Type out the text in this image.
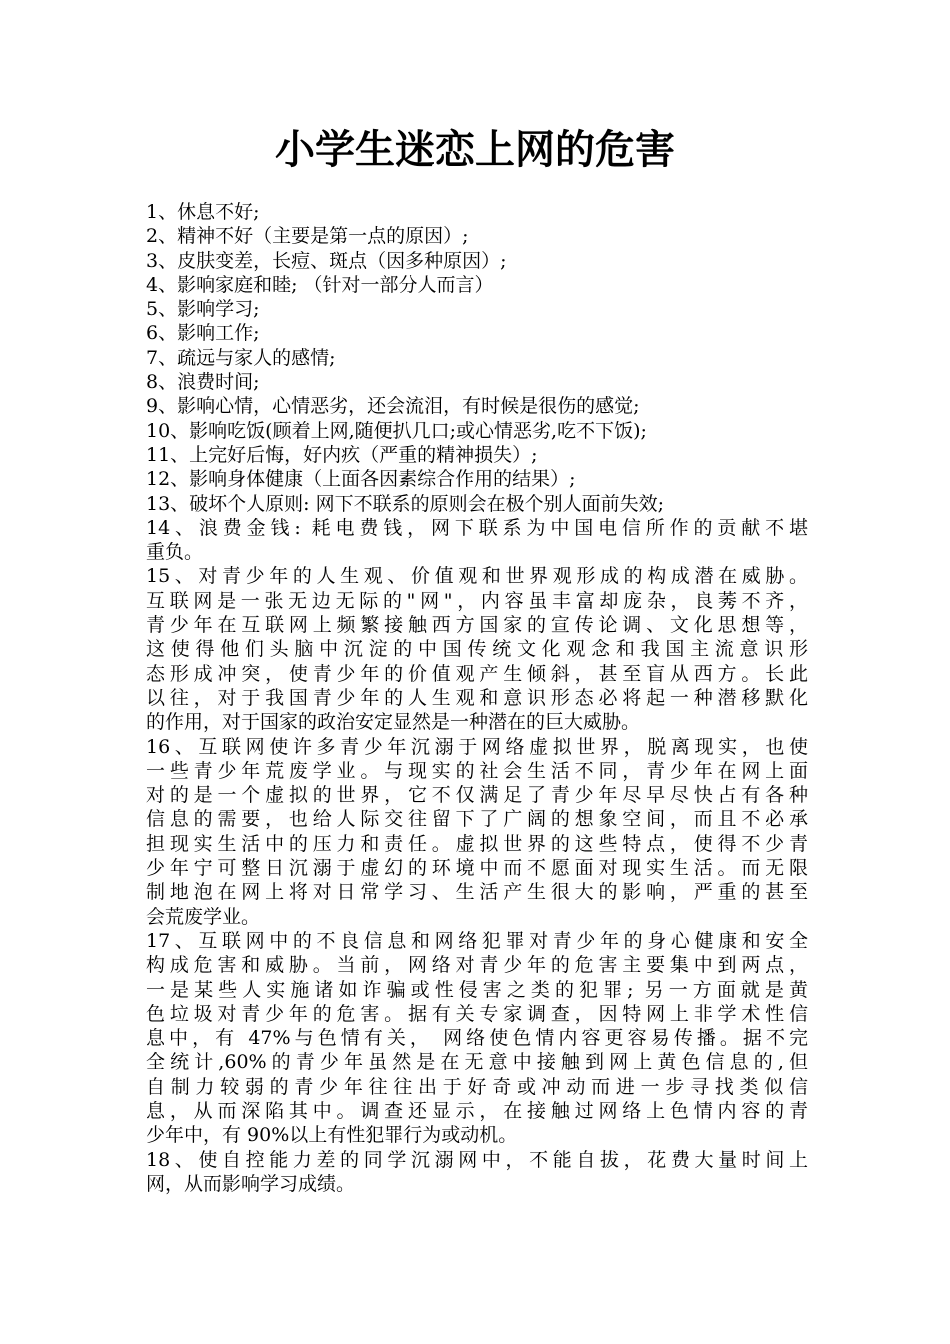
小学生迷恋上网的危害
1、休息不好;
2、精神不好（主要是第一点的原因）;
3、皮肤变差，长痘、斑点（因多种原因）;
4、影响家庭和睦; （针对一部分人而言）
5、影响学习;
6、影响工作;
7、疏远与家人的感情;
8、浪费时间;
9、影响心情，心情恶劣，还会流泪，有时候是很伤的感觉;
10、影响吃饭(顾着上网,随便扒几口;或心情恶劣,吃不下饭);
11、上完好后悔，好内疚（严重的精神损失）;
12、影响身体健康（上面各因素综合作用的结果）;
13、破坏个人原则: 网下不联系的原则会在极个别人面前失效;
14、浪费金钱: 耗电费钱，网下联系为中国电信所作的贡献不堪
重负。
15、对青少年的人生观、价值观和世界观形成的构成潜在威胁。
互联网是一张无边无际的"网"，内容虽丰富却庞杂，良莠不齐，
青少年在互联网上频繁接触西方国家的宣传论调、文化思想等，
这使得他们头脑中沉淀的中国传统文化观念和我国主流意识形
态形成冲突，使青少年的价值观产生倾斜，甚至盲从西方。长此
以往，对于我国青少年的人生观和意识形态必将起一种潜移默化
的作用，对于国家的政治安定显然是一种潜在的巨大威胁。
16、互联网使许多青少年沉溺于网络虚拟世界，脱离现实，也使
一些青少年荒废学业。与现实的社会生活不同，青少年在网上面
对的是一个虚拟的世界，它不仅满足了青少年尽早尽快占有各种
信息的需要，也给人际交往留下了广阔的想象空间，而且不必承
担现实生活中的压力和责任。虚拟世界的这些特点，使得不少青
少年宁可整日沉溺于虚幻的环境中而不愿面对现实生活。而无限
制地泡在网上将对日常学习、生活产生很大的影响，严重的甚至
会荒废学业。
17、互联网中的不良信息和网络犯罪对青少年的身心健康和安全
构成危害和威胁。当前，网络对青少年的危害主要集中到两点，
一是某些人实施诸如诈骗或性侵害之类的犯罪; 另一方面就是黄
色垃圾对青少年的危害。据有关专家调查，因特网上非学术性信
息中，有 47%与色情有关， 网络使色情内容更容易传播。据不完
全统计,60%的青少年虽然是在无意中接触到网上黄色信息的,但
自制力较弱的青少年往往出于好奇或冲动而进一步寻找类似信
息，从而深陷其中。调查还显示，在接触过网络上色情内容的青
少年中，有 90%以上有性犯罪行为或动机。
18、使自控能力差的同学沉溺网中，不能自拔，花费大量时间上
网，从而影响学习成绩。
